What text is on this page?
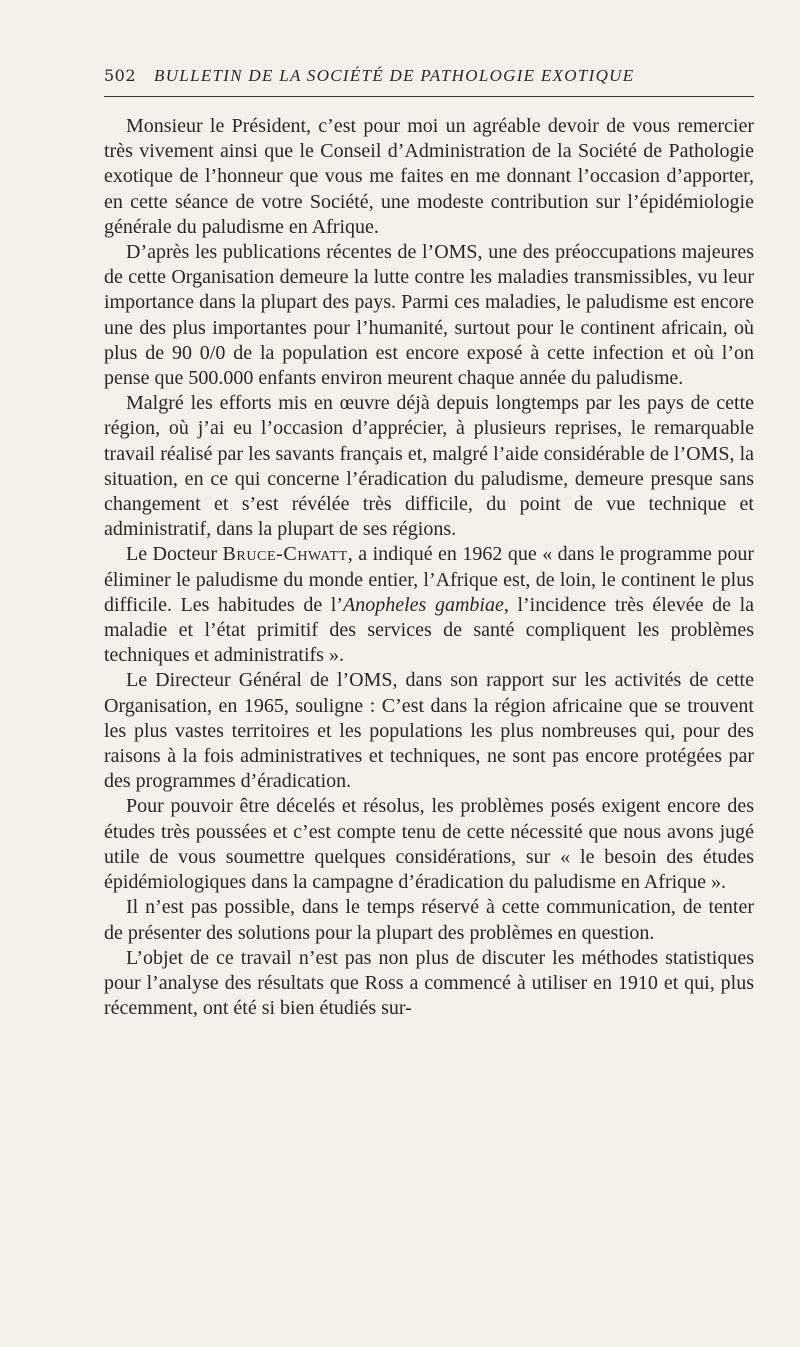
502 BULLETIN DE LA SOCIÉTÉ DE PATHOLOGIE EXOTIQUE

Monsieur le Président, c’est pour moi un agréable devoir de vous remercier très vivement ainsi que le Conseil d’Administration de la Société de Pathologie exotique de l’honneur que vous me faites en me donnant l’occasion d’apporter, en cette séance de votre Société, une modeste contribution sur l’épidémiologie générale du paludisme en Afrique.

D’après les publications récentes de l’OMS, une des préoccupations majeures de cette Organisation demeure la lutte contre les maladies transmissibles, vu leur importance dans la plupart des pays. Parmi ces maladies, le paludisme est encore une des plus importantes pour l’humanité, surtout pour le continent africain, où plus de 90 0/0 de la population est encore exposé à cette infection et où l’on pense que 500.000 enfants environ meurent chaque année du paludisme.

Malgré les efforts mis en œuvre déjà depuis longtemps par les pays de cette région, où j’ai eu l’occasion d’apprécier, à plusieurs reprises, le remarquable travail réalisé par les savants français et, malgré l’aide considérable de l’OMS, la situation, en ce qui concerne l’éradication du paludisme, demeure presque sans changement et s’est révélée très difficile, du point de vue technique et administratif, dans la plupart de ses régions.

Le Docteur Bruce-Chwatt, a indiqué en 1962 que « dans le programme pour éliminer le paludisme du monde entier, l’Afrique est, de loin, le continent le plus difficile. Les habitudes de l’Anopheles gambiae, l’incidence très élevée de la maladie et l’état primitif des services de santé compliquent les problèmes techniques et administratifs ».

Le Directeur Général de l’OMS, dans son rapport sur les activités de cette Organisation, en 1965, souligne : C’est dans la région africaine que se trouvent les plus vastes territoires et les populations les plus nombreuses qui, pour des raisons à la fois administratives et techniques, ne sont pas encore protégées par des programmes d’éradication.

Pour pouvoir être décelés et résolus, les problèmes posés exigent encore des études très poussées et c’est compte tenu de cette nécessité que nous avons jugé utile de vous soumettre quelques considérations, sur « le besoin des études épidémiologiques dans la campagne d’éradication du paludisme en Afrique ».

Il n’est pas possible, dans le temps réservé à cette communication, de tenter de présenter des solutions pour la plupart des problèmes en question.

L’objet de ce travail n’est pas non plus de discuter les méthodes statistiques pour l’analyse des résultats que Ross a commencé à utiliser en 1910 et qui, plus récemment, ont été si bien étudiés sur-
